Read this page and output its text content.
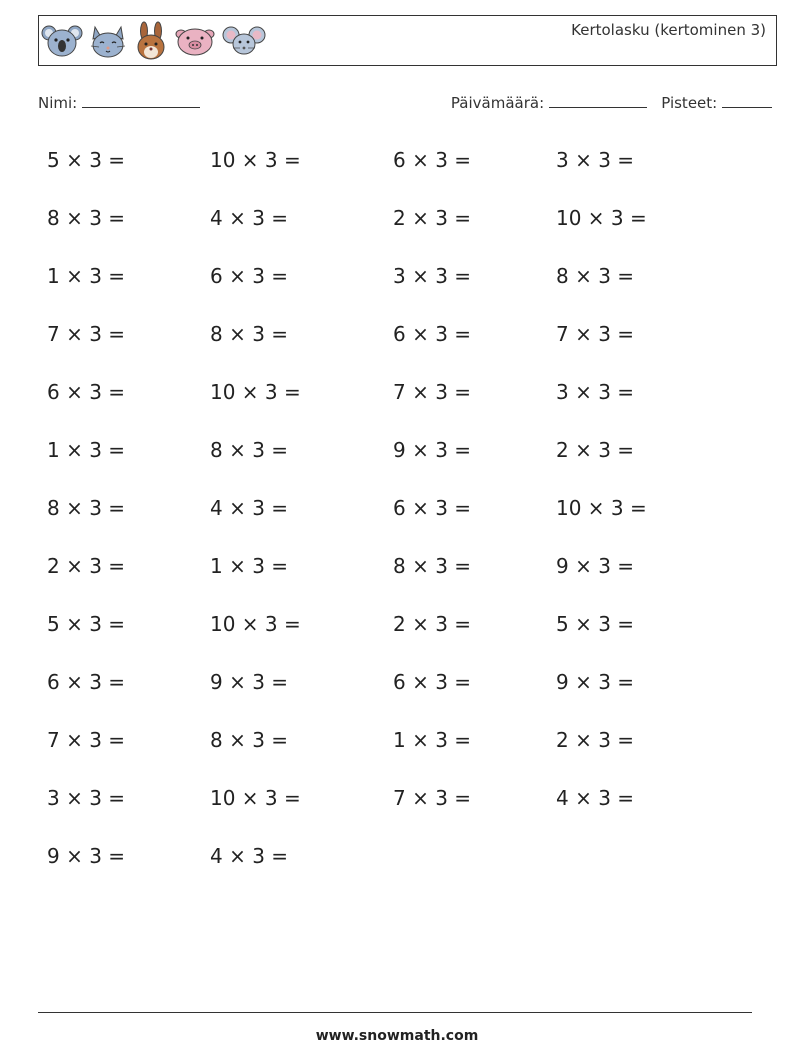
Kertolasku (kertominen 3)
Nimi:	Päivämäärä:	Pisteet:
5 × 3 =	10 × 3 =	6 × 3 =	3 × 3 =
8 × 3 =	4 × 3 =	2 × 3 =	10 × 3 =
1 × 3 =	6 × 3 =	3 × 3 =	8 × 3 =
7 × 3 =	8 × 3 =	6 × 3 =	7 × 3 =
6 × 3 =	10 × 3 =	7 × 3 =	3 × 3 =
1 × 3 =	8 × 3 =	9 × 3 =	2 × 3 =
8 × 3 =	4 × 3 =	6 × 3 =	10 × 3 =
2 × 3 =	1 × 3 =	8 × 3 =	9 × 3 =
5 × 3 =	10 × 3 =	2 × 3 =	5 × 3 =
6 × 3 =	9 × 3 =	6 × 3 =	9 × 3 =
7 × 3 =	8 × 3 =	1 × 3 =	2 × 3 =
3 × 3 =	10 × 3 =	7 × 3 =	4 × 3 =
9 × 3 =	4 × 3 =
www.snowmath.com
